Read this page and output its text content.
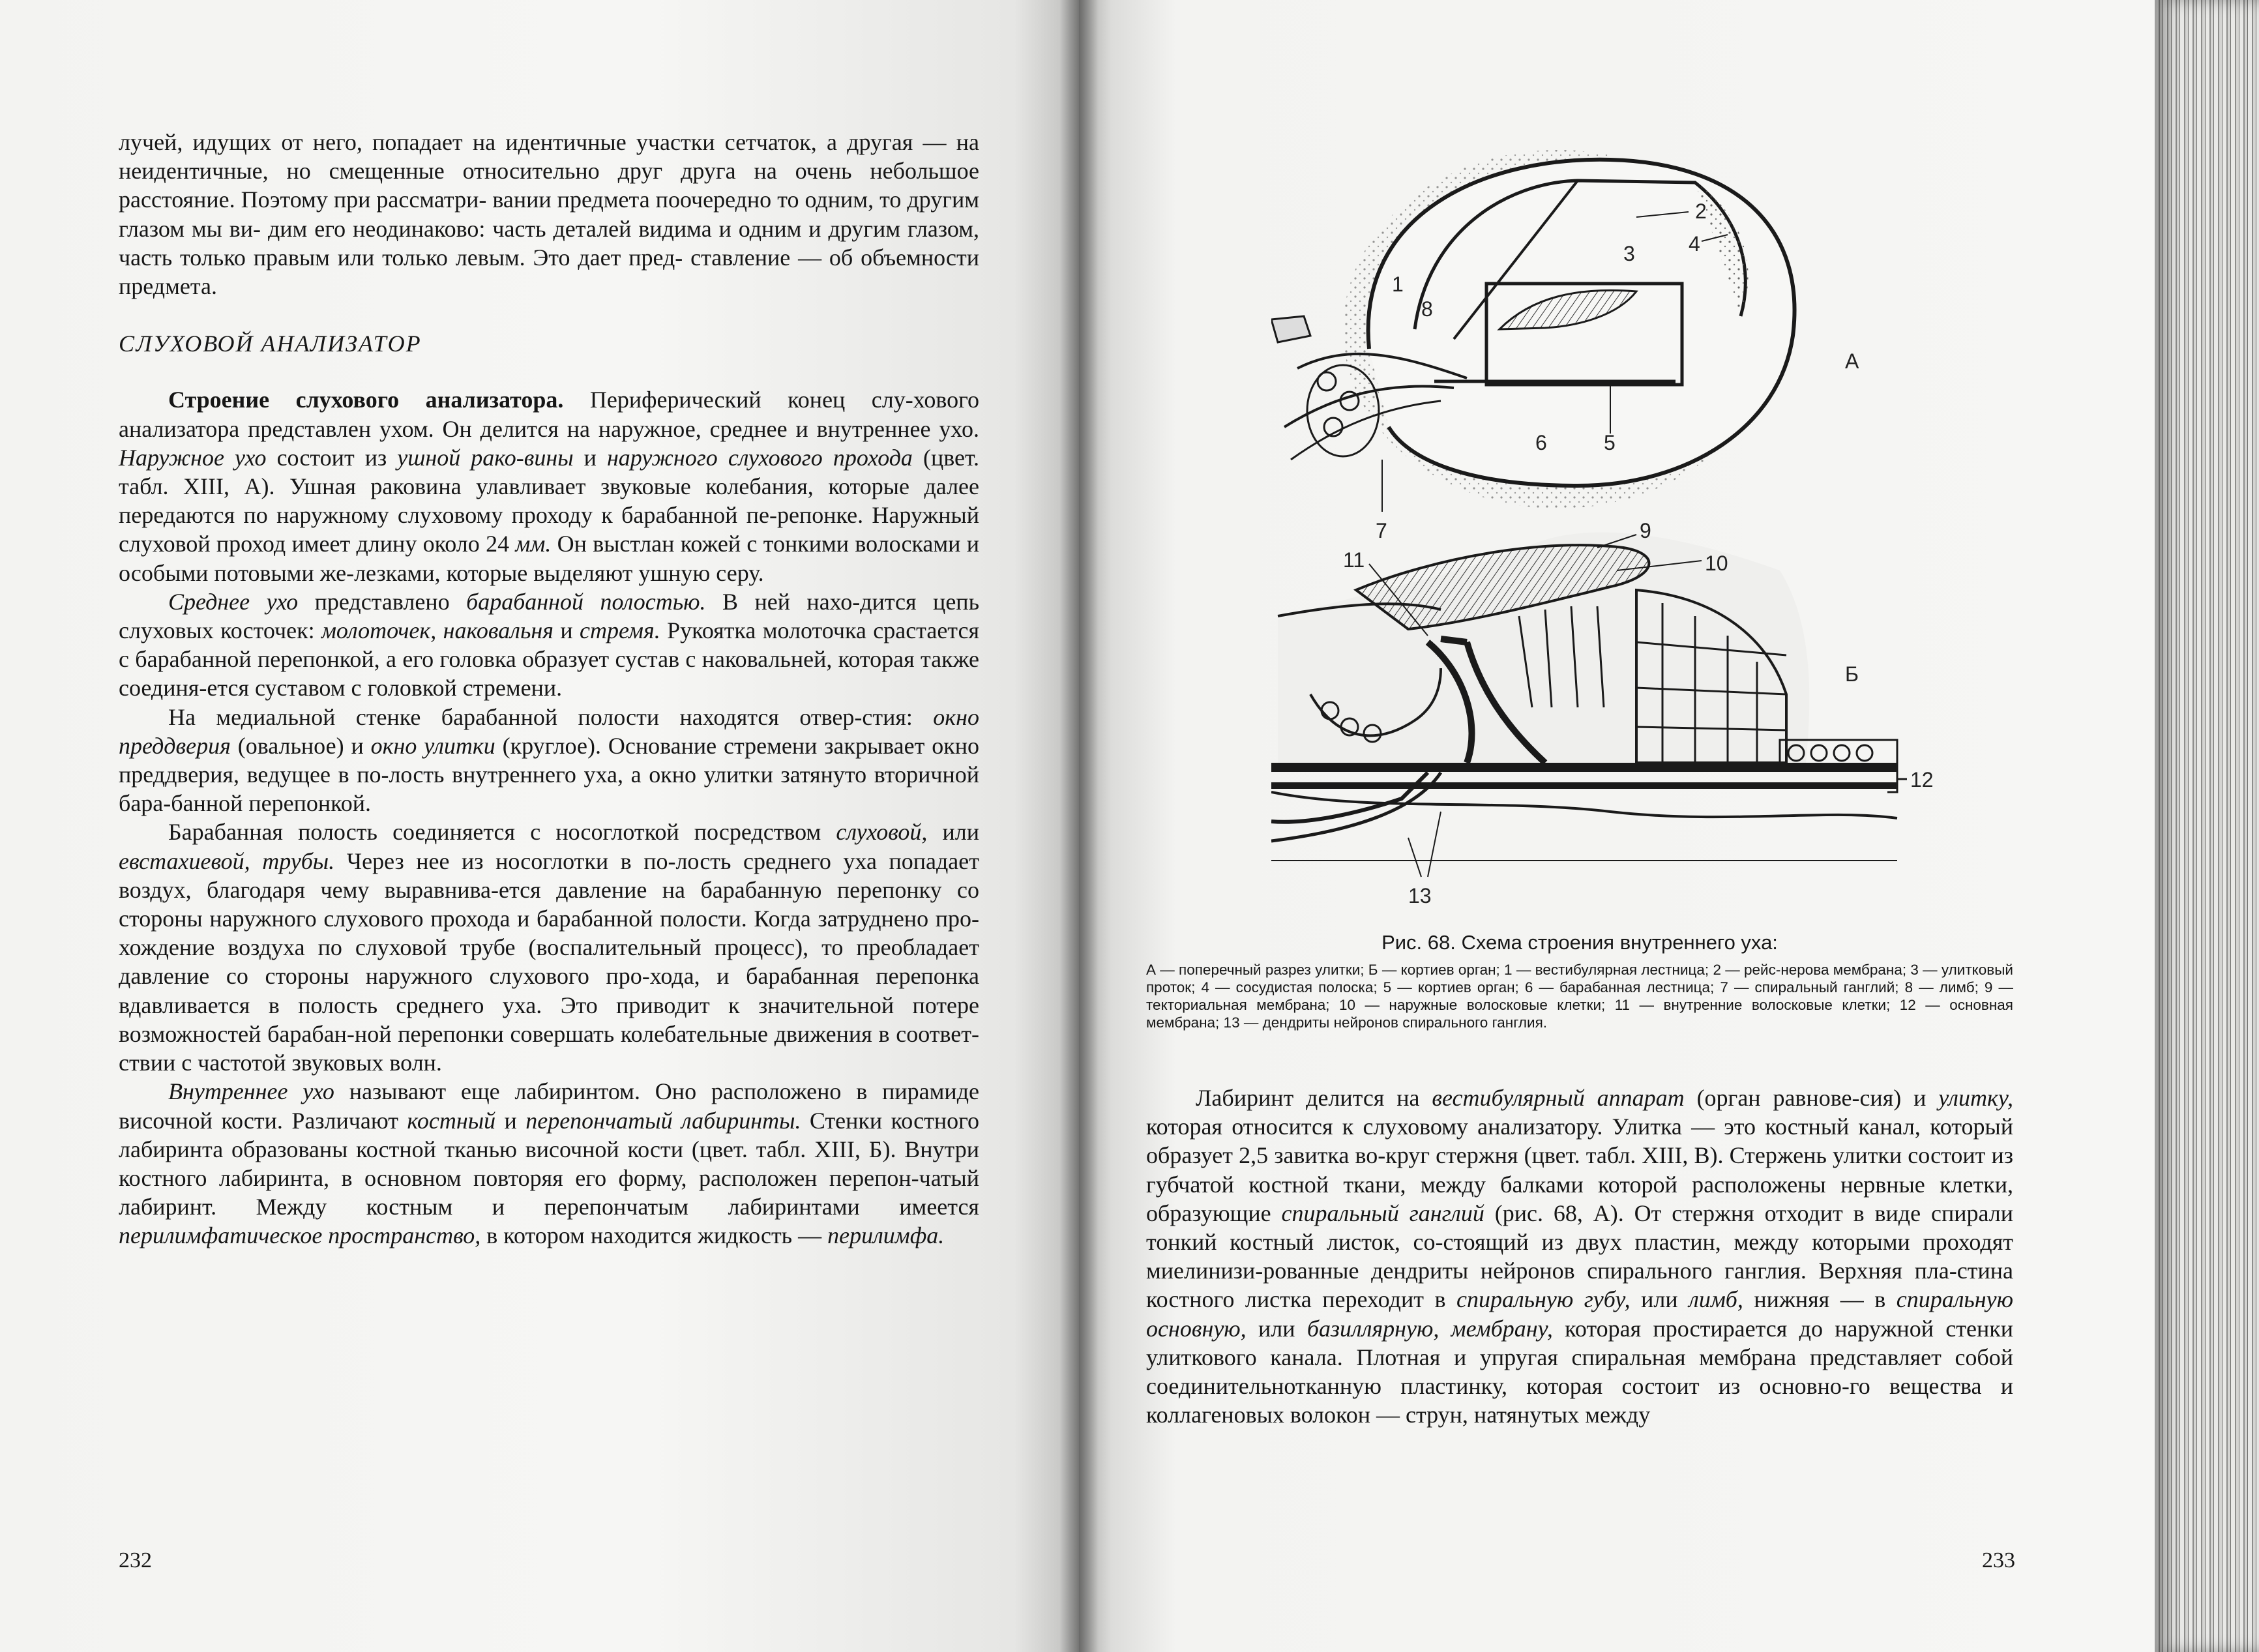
лучей, идущих от него, попадает на идентичные участки сетчаток, а другая — на неидентичные, но смещенные относительно друг друга на очень небольшое расстояние. Поэтому при рассматри- вании предмета поочередно то одним, то другим глазом мы ви- дим его неодинаково: часть деталей видима и одним и другим глазом, часть только правым или только левым. Это дает пред- ставление — об объемности предмета.

СЛУХОВОЙ АНАЛИЗАТОР

Строение слухового анализатора. Периферический конец слу-хового анализатора представлен ухом. Он делится на наружное, среднее и внутреннее ухо. Наружное ухо состоит из ушной рако-вины и наружного слухового прохода (цвет. табл. XIII, А). Ушная раковина улавливает звуковые колебания, которые далее передаются по наружному слуховому проходу к барабанной пе-репонке. Наружный слуховой проход имеет длину около 24 мм. Он выстлан кожей с тонкими волосками и особыми потовыми же-лезками, которые выделяют ушную серу.

Среднее ухо представлено барабанной полостью. В ней нахо-дится цепь слуховых косточек: молоточек, наковальня и стремя. Рукоятка молоточка срастается с барабанной перепонкой, а его головка образует сустав с наковальней, которая также соединя-ется суставом с головкой стремени.

На медиальной стенке барабанной полости находятся отвер-стия: окно преддверия (овальное) и окно улитки (круглое). Основание стремени закрывает окно преддверия, ведущее в по-лость внутреннего уха, а окно улитки затянуто вторичной бара-банной перепонкой.

Барабанная полость соединяется с носоглоткой посредством слуховой, или евстахиевой, трубы. Через нее из носоглотки в по-лость среднего уха попадает воздух, благодаря чему выравнива-ется давление на барабанную перепонку со стороны наружного слухового прохода и барабанной полости. Когда затруднено про-хождение воздуха по слуховой трубе (воспалительный процесс), то преобладает давление со стороны наружного слухового про-хода, и барабанная перепонка вдавливается в полость среднего уха. Это приводит к значительной потере возможностей барабан-ной перепонки совершать колебательные движения в соответ-ствии с частотой звуковых волн.

Внутреннее ухо называют еще лабиринтом. Оно расположено в пирамиде височной кости. Различают костный и перепончатый лабиринты. Стенки костного лабиринта образованы костной тканью височной кости (цвет. табл. XIII, Б). Внутри костного лабиринта, в основном повторяя его форму, расположен перепон-чатый лабиринт. Между костным и перепончатым лабиринтами имеется перилимфатическое пространство, в котором находится жидкость — перилимфа.

232
1
2
3	4
5
6
7
8
А
9
10
11
12
13
Б

Рис. 68. Схема строения внутреннего уха:

А — поперечный разрез улитки; Б — кортиев орган; 1 — вестибулярная лестница; 2 — рейс-нерова мембрана; 3 — улитковый проток; 4 — сосудистая полоска; 5 — кортиев орган; 6 — барабанная лестница; 7 — спиральный ганглий; 8 — лимб; 9 — текториальная мембрана; 10 — наружные волосковые клетки; 11 — внутренние волосковые клетки; 12 — основная мембрана; 13 — дендриты нейронов спирального ганглия.

Лабиринт делится на вестибулярный аппарат (орган равнове-сия) и улитку, которая относится к слуховому анализатору. Улитка — это костный канал, который образует 2,5 завитка во-круг стержня (цвет. табл. XIII, В). Стержень улитки состоит из губчатой костной ткани, между балками которой расположены нервные клетки, образующие спиральный ганглий (рис. 68, А). От стержня отходит в виде спирали тонкий костный листок, со-стоящий из двух пластин, между которыми проходят миелинизи-рованные дендриты нейронов спирального ганглия. Верхняя пла-стина костного листка переходит в спиральную губу, или лимб, нижняя — в спиральную основную, или базиллярную, мембрану, которая простирается до наружной стенки улиткового канала. Плотная и упругая спиральная мембрана представляет собой соединительнотканную пластинку, которая состоит из основно-го вещества и коллагеновых волокон — струн, натянутых между

233
